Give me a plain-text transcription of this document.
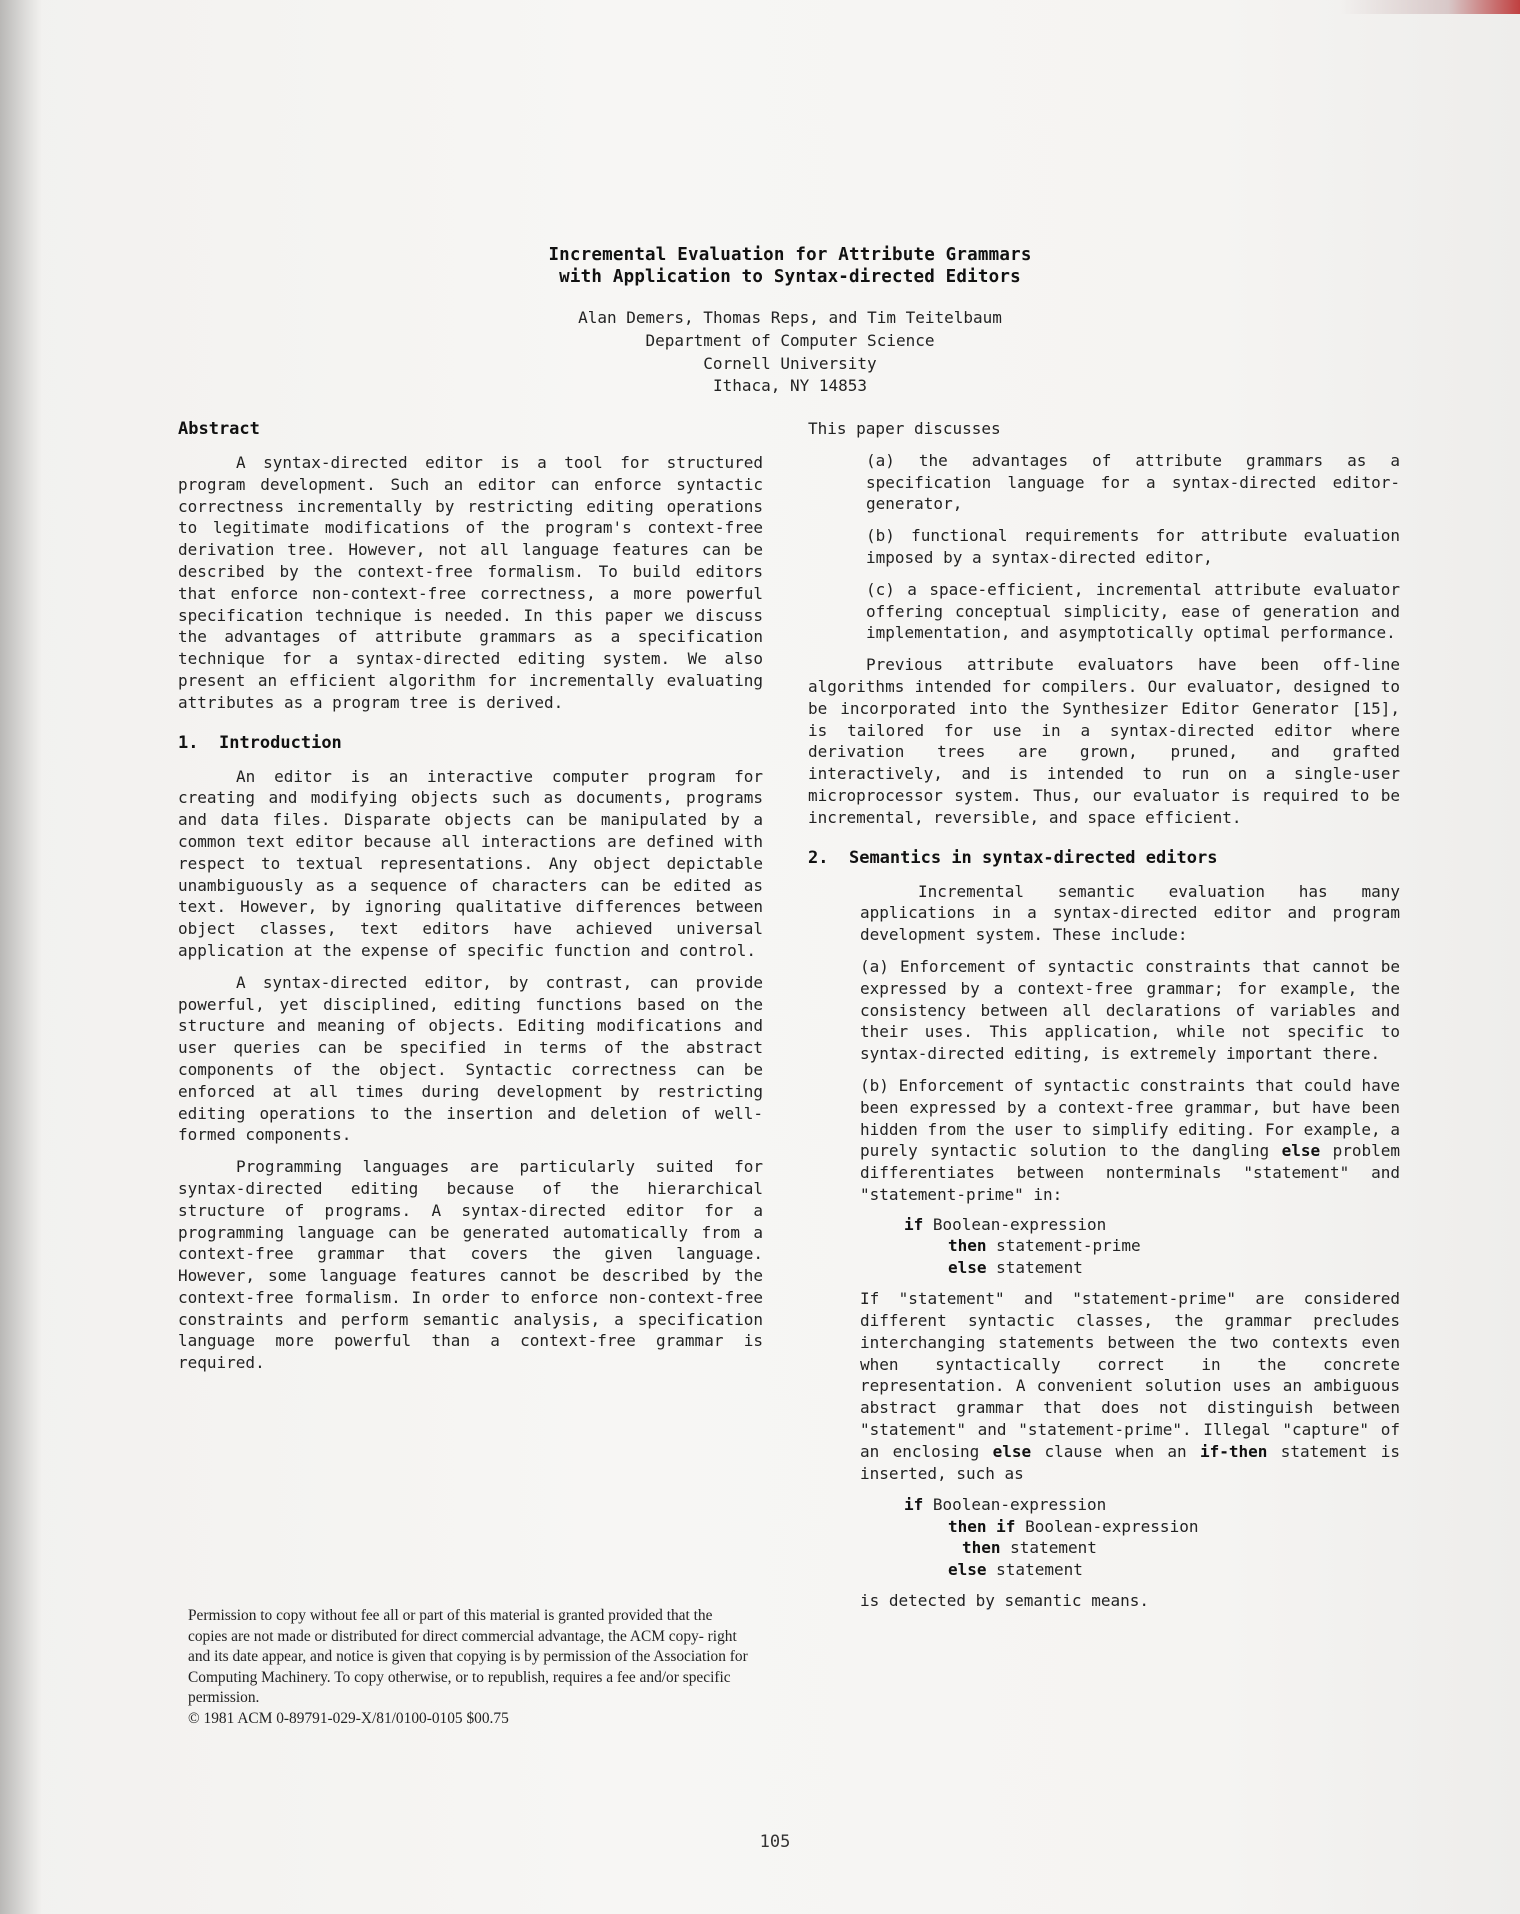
Incremental Evaluation for Attribute Grammars
with Application to Syntax-directed Editors
Alan Demers, Thomas Reps, and Tim Teitelbaum
Department of Computer Science
Cornell University
Ithaca, NY 14853

Abstract

A syntax-directed editor is a tool for structured program development. Such an editor can enforce syntactic correctness incrementally by restricting editing operations to legitimate modifications of the program's context-free derivation tree. However, not all language features can be described by the context-free formalism. To build editors that enforce non-context-free correctness, a more powerful specification technique is needed. In this paper we discuss the advantages of attribute grammars as a specification technique for a syntax-directed editing system. We also present an efficient algorithm for incrementally evaluating attributes as a program tree is derived.

1. Introduction

An editor is an interactive computer program for creating and modifying objects such as documents, programs and data files. Disparate objects can be manipulated by a common text editor because all interactions are defined with respect to textual representations. Any object depictable unambiguously as a sequence of characters can be edited as text. However, by ignoring qualitative differences between object classes, text editors have achieved universal application at the expense of specific function and control.

A syntax-directed editor, by contrast, can provide powerful, yet disciplined, editing functions based on the structure and meaning of objects. Editing modifications and user queries can be specified in terms of the abstract components of the object. Syntactic correctness can be enforced at all times during development by restricting editing operations to the insertion and deletion of well-formed components.

Programming languages are particularly suited for syntax-directed editing because of the hierarchical structure of programs. A syntax-directed editor for a programming language can be generated automatically from a context-free grammar that covers the given language. However, some language features cannot be described by the context-free formalism. In order to enforce non-context-free constraints and perform semantic analysis, a specification language more powerful than a context-free grammar is required.

Permission to copy without fee all or part of this material is granted provided that the copies are not made or distributed for direct commercial advantage, the ACM copy- right and its date appear, and notice is given that copying is by permission of the Association for Computing Machinery. To copy otherwise, or to republish, requires a fee and/or specific permission.

© 1981 ACM 0-89791-029-X/81/0100-0105 $00.75

This paper discusses

(a) the advantages of attribute grammars as a specification language for a syntax-directed editor-generator,

(b) functional requirements for attribute evaluation imposed by a syntax-directed editor,

(c) a space-efficient, incremental attribute evaluator offering conceptual simplicity, ease of generation and implementation, and asymptotically optimal performance.

Previous attribute evaluators have been off-line algorithms intended for compilers. Our evaluator, designed to be incorporated into the Synthesizer Editor Generator [15], is tailored for use in a syntax-directed editor where derivation trees are grown, pruned, and grafted interactively, and is intended to run on a single-user microprocessor system. Thus, our evaluator is required to be incremental, reversible, and space efficient.

2. Semantics in syntax-directed editors

Incremental semantic evaluation has many applications in a syntax-directed editor and program development system. These include:

(a) Enforcement of syntactic constraints that cannot be expressed by a context-free grammar; for example, the consistency between all declarations of variables and their uses. This application, while not specific to syntax-directed editing, is extremely important there.

(b) Enforcement of syntactic constraints that could have been expressed by a context-free grammar, but have been hidden from the user to simplify editing. For example, a purely syntactic solution to the dangling else problem differentiates between nonterminals "statement" and "statement-prime" in:

if Boolean-expression

then statement-prime

else statement

If "statement" and "statement-prime" are considered different syntactic classes, the grammar precludes interchanging statements between the two contexts even when syntactically correct in the concrete representation. A convenient solution uses an ambiguous abstract grammar that does not distinguish between "statement" and "statement-prime". Illegal "capture" of an enclosing else clause when an if-then statement is inserted, such as

if Boolean-expression

then if Boolean-expression

then statement

else statement

is detected by semantic means.

105
